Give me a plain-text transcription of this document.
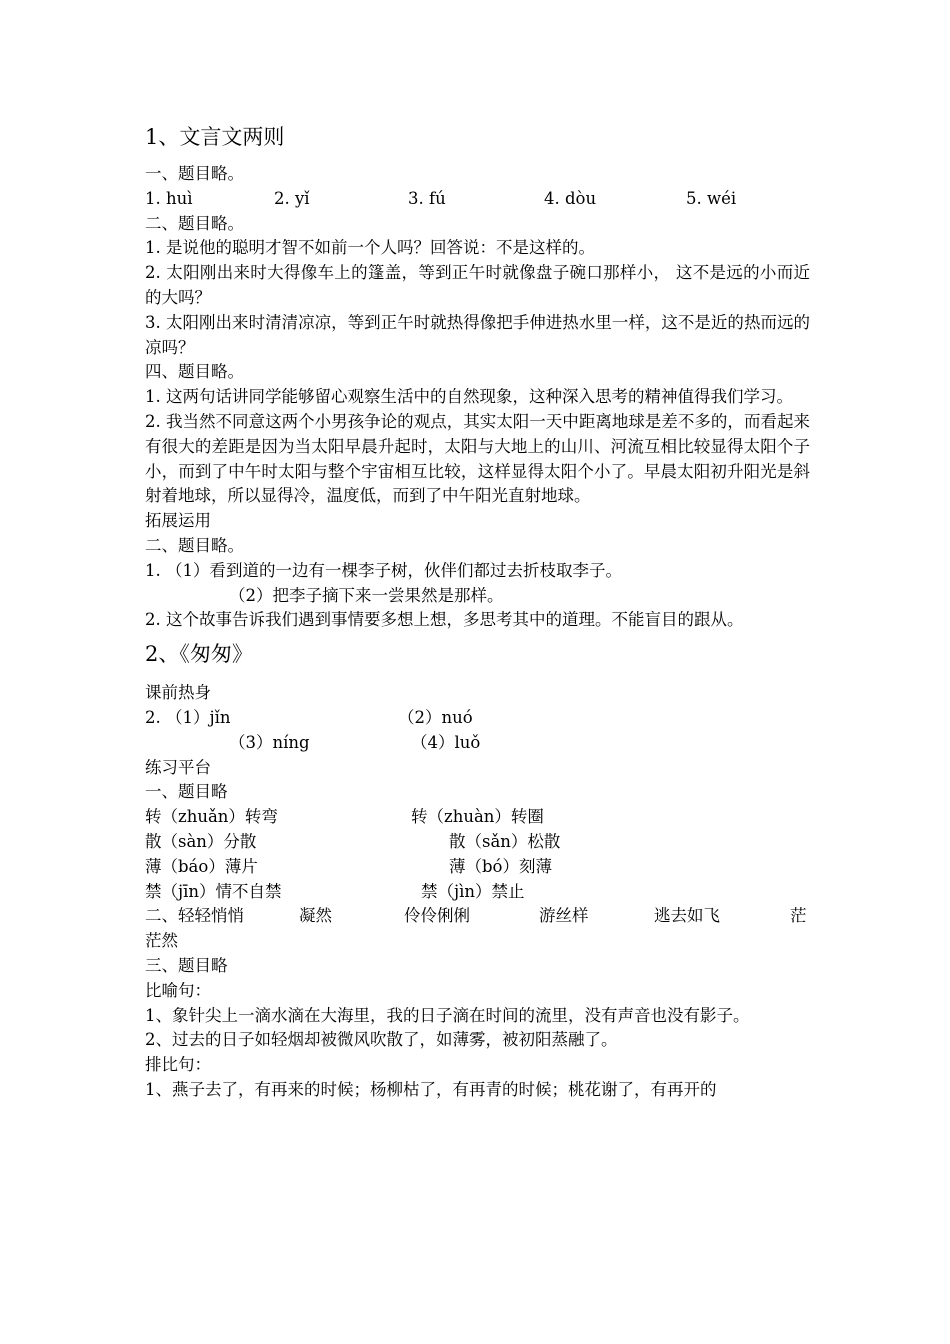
1、文言文两则
一、题目略。
1. huì	2. yǐ	3. fú	4. dòu	5. wéi
二、题目略。
1. 是说他的聪明才智不如前一个人吗？回答说：不是这样的。
2. 太阳刚出来时大得像车上的篷盖，等到正午时就像盘子碗口那样小， 这不是远的小而近的大吗？
3. 太阳刚出来时清清凉凉，等到正午时就热得像把手伸进热水里一样，这不是近的热而远的凉吗？
四、题目略。
1. 这两句话讲同学能够留心观察生活中的自然现象，这种深入思考的精神值得我们学习。
2. 我当然不同意这两个小男孩争论的观点，其实太阳一天中距离地球是差不多的，而看起来有很大的差距是因为当太阳早晨升起时，太阳与大地上的山川、河流互相比较显得太阳个子小，而到了中午时太阳与整个宇宙相互比较，这样显得太阳个小了。早晨太阳初升阳光是斜射着地球，所以显得冷，温度低，而到了中午阳光直射地球。
拓展运用
二、题目略。
1. （1）看到道的一边有一棵李子树，伙伴们都过去折枝取李子。
（2）把李子摘下来一尝果然是那样。
2. 这个故事告诉我们遇到事情要多想上想，多思考其中的道理。不能盲目的跟从。
2、《匆匆》
课前热身
2. （1）jǐn	（2）nuó
（3）níng	（4）luǒ
练习平台
一、题目略
转（zhuǎn）转弯	转（zhuàn）转圈
散（sàn）分散	散（sǎn）松散
薄（báo）薄片	薄（bó）刻薄
禁（jīn）情不自禁	禁（jìn）禁止
二、轻轻悄悄	凝然	伶伶俐俐	游丝样	逃去如飞	茫
茫然
三、题目略
比喻句：
1、象针尖上一滴水滴在大海里，我的日子滴在时间的流里，没有声音也没有影子。
2、过去的日子如轻烟却被微风吹散了，如薄雾，被初阳蒸融了。
排比句：
1、燕子去了，有再来的时候；杨柳枯了，有再青的时候；桃花谢了，有再开的
